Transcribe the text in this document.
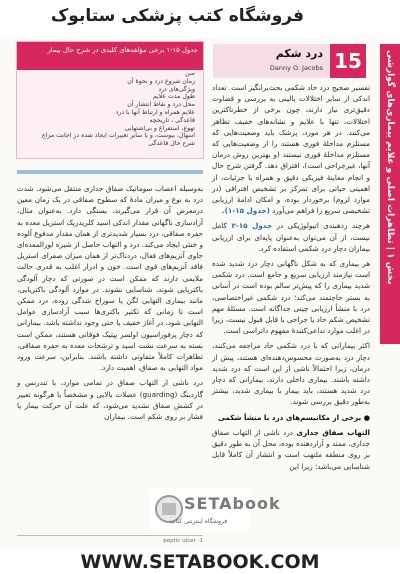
فروشگاه کتب پزشکی ستابوک
بخش ۱ | تظاهرات اصلی و علایم بیماری‌های گوارشی
15
درد شکم
Danny O. Jacobs
جدول ۱۵-۱ برخی مؤلفه‌های کلیدی در شرح حال بیمار
سن
زمان شروع درد و نحوۀ آن
ویژگی‌های درد
طول مدت علایم
محل درد و نقاط انتشار آن
علایم همراه و ارتباط آنها با درد
قاعدگی ، تاریخچه
تهوع، استفراغ و بی‌اشتهایی
اسهال، یبوست، و یا سایر تغییرات ایجاد شده در اجابت مزاج
شرح حال قاعدگی

تفسیر صحیح درد حاد شکمی بحث‌برانگیز است. تعداد اندکی از سایر اختلالات بالینی به بررسی و قضاوت دقیق‌تری نیاز دارند، چون برخی از خطرناکترین اختلالات، تنها با علایم و نشانه‌های خفیف تظاهر می‌کنند. در هر مورد، پزشک باید وضعیت‌هایی که مستلزم مداخلۀ فوری هستند را از وضعیت‌هایی که مستلزم مداخلۀ فوری نیستند (و بهترین روش درمان آنها، غیرجراحی است)، افتراق دهد. گرفتن شرح حال و انجام معاینۀ فیزیکی دقیق و همراه با جزئیات، از اهمیتی حیاتی برای تمرکز بر تشخیص افتراقی (در موارد لزوم) برخوردار بوده، و امکان ادامۀ ارزیابی تشخیصی سریع را فراهم می‌آورد (جدول ۱۵-۱).

هرچند ردهبندی اتیولوژیکی در جدول ۱۵-۲ کامل نیست، از آن می‌توان به‌عنوان پایه‌ای برای ارزیابی بیماران دچار درد شکمی استفاده کرد.

هر بیماری که به شکل ناگهانی دچار درد شدید شده است نیازمند ارزیابی سریع و جامع است. درد شکمی شدید بیماری را که پیش‌تر سالم بوده است در آسانی به بستر حاجتمند می‌کند؛ درد شکمی غیراختصاصی، درد با منشأ ارزیابی چینی جداگانه است. مسئلۀ مهم تشخیص شکم حاد یا جراحی با قابل قبول نیست، زیرا در اغلب موارد تداعی‌کنندۀ مفهوم داتراسی است.

اکثر بیمارانی که با درد شکمی حاد مراجعه می‌کنند، دچار درد به‌صورت محسوس‌دهنده‌ای هستند، پیش از درمان، زیرا احتمالاً ناشی از این است که درد شدید داشته باشند. بیماری داخلی دارند، بیمارانی که دچار درد شدید هستند، باید بیمار با بیماری شدید، بیشتر به‌طور دقیق بررسی شوند.

● برخی از مکانیسم‌های درد با منشأ شکمی

التهاب صفاق جداری درد ناشی از التهاب صفاق جداری، ممتد و آزاردهنده بوده، محل آن به طور دقیق بر روی منطقه ملتهب است و انتشار آن کاملاً قابل شناسایی می‌باشد؛ زیرا این

به‌وسیله اعصاب سوماتیک صفاق جداری منتقل می‌شود. شدت درد به نوع و میزان مادۀ که سطوح صفاقی در یک زمان معین درمعرض آن قرار می‌گیرند، بستگی دارد. به‌عنوان مثال، آزادسازی ناگهانی مقدار اندکی اسید کلریدریک استریل معده به حفره صفاقی، درد بسیار شدیدتری از همان مقدار مدفوع آلوده و خنثی ایجاد می‌کند. درد و التهاب حاصل از شیره لوزالمعده‌ای حاوی آنزیم‌های فعال، دردناک‌تر از همان میزان صفرای استریل فاقد آنزیم‌های قوی است. خون و ادرار اغلب به قدری حالت ملایمی دارند که ممکن است در صورتی که دچار آلودگی باکتریایی شوند، شناسایی نشوند. در موارد آلودگی باکتریایی، مانند بیماری التهابی لگن یا سوراخ شدگی روده، درد ممکن است تا زمانی که تکثیر باکتری‌ها سبب آزادسازی عوامل التهابی شود، در آغاز خفیف یا حتی وجود نداشته باشد. بیمارانی که دچار پرفوراسیون اولسر پپتیک فوقانی هستند، ممکن است بسته به سرعت نشت اسید و ترشحات معده به حفره صفاقی، تظاهرات کاملاً متفاوتی داشته باشند. بنابراین، سرعت ورود مواد التهابی به صفاق، اهمیت دارد.

درد ناشی از التهاب صفاق در تمامی موارد، با تندرنس و گاردینگ (guarding) عضلات بالایی و مشخصاً با هرگونه تغییر در کشش صفاق تشدید می‌شود، که علت آن حرکت بیمار یا فشار بر روی شکم است. بیماران

1- peptic ulcer
SETAbook
فروشگاه اینترنتی کتاب
WWW.SETABOOK.COM
